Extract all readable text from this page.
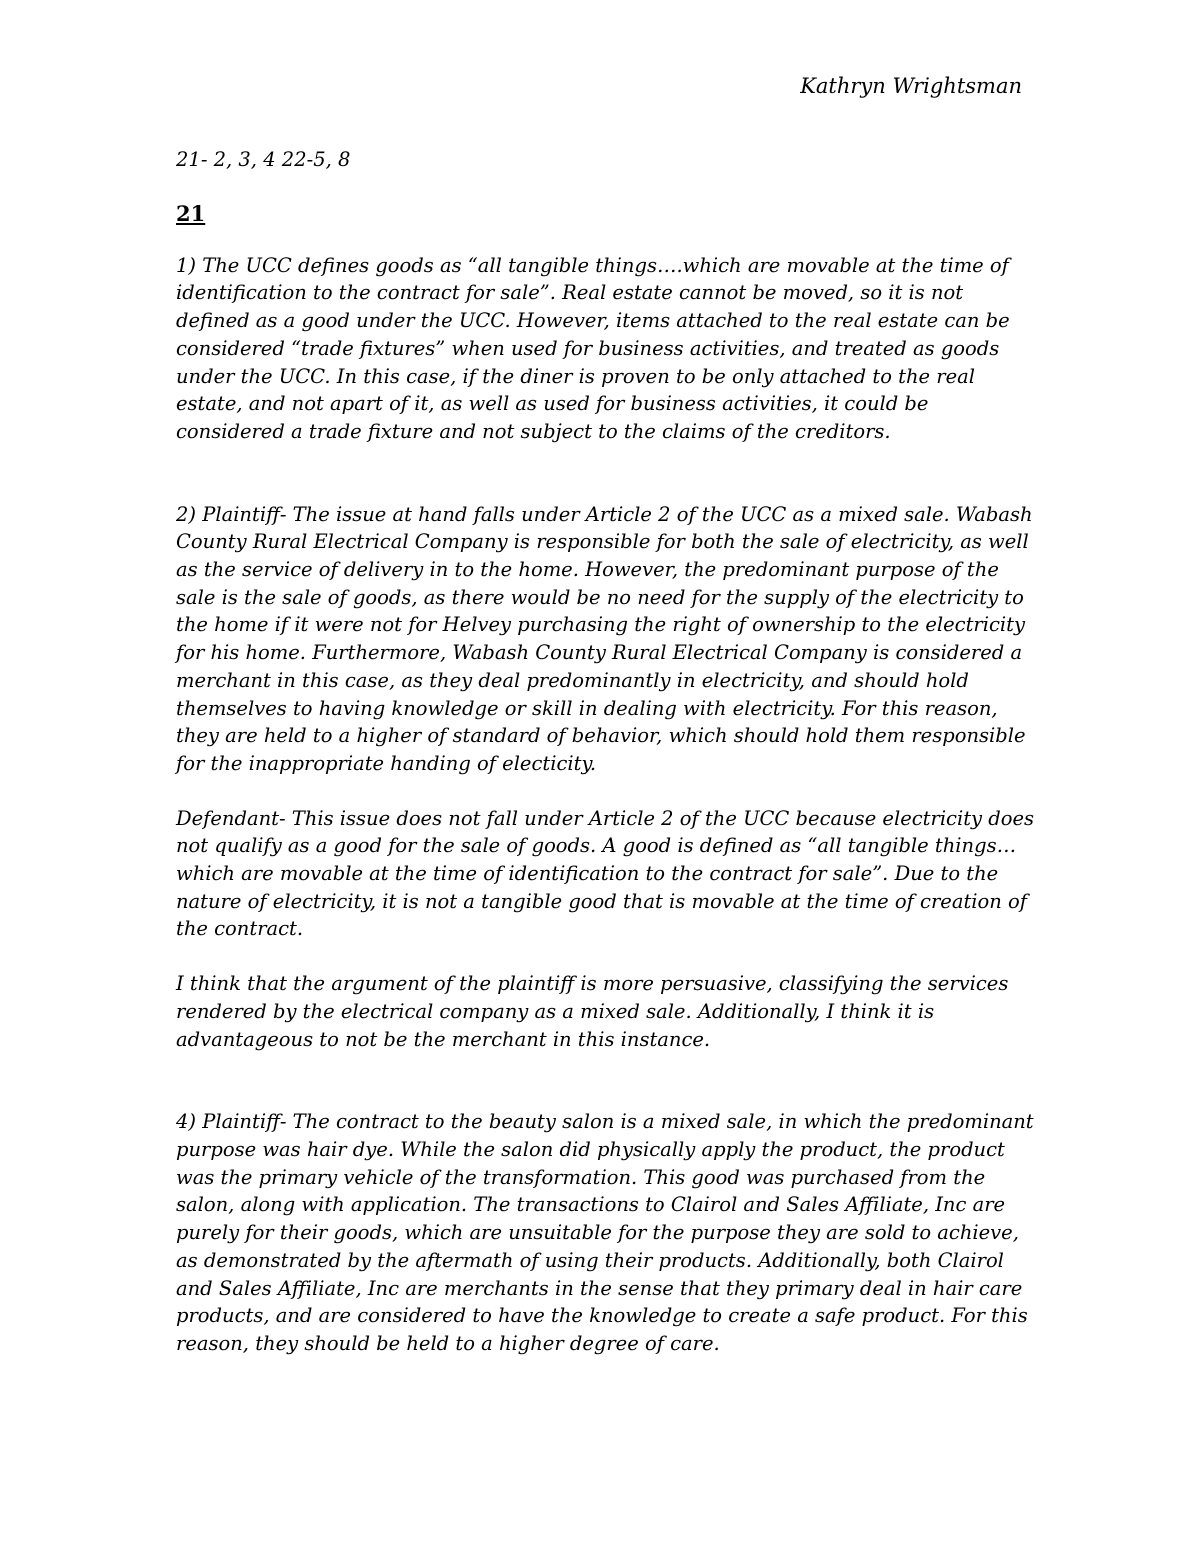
Kathryn Wrightsman

21- 2, 3, 4 22-5, 8

21

1) The UCC defines goods as “all tangible things….which are movable at the time of identification to the contract for sale”. Real estate cannot be moved, so it is not defined as a good under the UCC. However, items attached to the real estate can be considered “trade fixtures” when used for business activities, and treated as goods under the UCC. In this case, if the diner is proven to be only attached to the real estate, and not apart of it, as well as used for business activities, it could be considered a trade fixture and not subject to the claims of the creditors.

2) Plaintiff- The issue at hand falls under Article 2 of the UCC as a mixed sale. Wabash County Rural Electrical Company is responsible for both the sale of electricity, as well as the service of delivery in to the home. However, the predominant purpose of the sale is the sale of goods, as there would be no need for the supply of the electricity to the home if it were not for Helvey purchasing the right of ownership to the electricity for his home. Furthermore, Wabash County Rural Electrical Company is considered a merchant in this case, as they deal predominantly in electricity, and should hold themselves to having knowledge or skill in dealing with electricity. For this reason, they are held to a higher of standard of behavior, which should hold them responsible for the inappropriate handing of electicity.

Defendant- This issue does not fall under Article 2 of the UCC because electricity does not qualify as a good for the sale of goods. A good is defined as “all tangible things… which are movable at the time of identification to the contract for sale”. Due to the nature of electricity, it is not a tangible good that is movable at the time of creation of the contract.

I think that the argument of the plaintiff is more persuasive, classifying the services rendered by the electrical company as a mixed sale. Additionally, I think it is advantageous to not be the merchant in this instance.

4) Plaintiff- The contract to the beauty salon is a mixed sale, in which the predominant purpose was hair dye. While the salon did physically apply the product, the product was the primary vehicle of the transformation. This good was purchased from the salon, along with application. The transactions to Clairol and Sales Affiliate, Inc are purely for their goods, which are unsuitable for the purpose they are sold to achieve, as demonstrated by the aftermath of using their products. Additionally, both Clairol and Sales Affiliate, Inc are merchants in the sense that they primary deal in hair care products, and are considered to have the knowledge to create a safe product. For this reason, they should be held to a higher degree of care.
